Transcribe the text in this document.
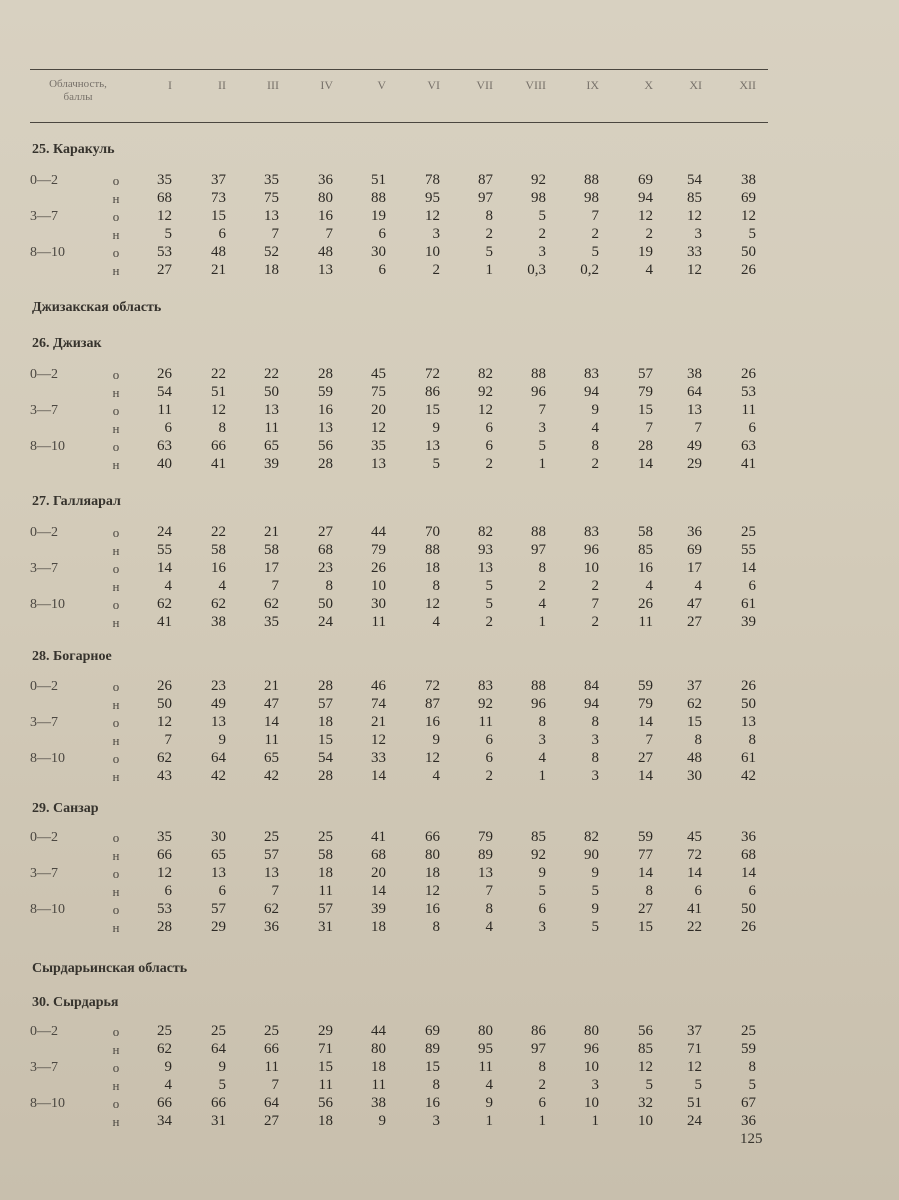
Облачность,
баллы
I	II	III	IV	V	VI	VII	VIII	IX	X	XI	XII
25. Каракуль
0—2	о	35	37	35	36	51	78	87	92	88	69	54	38
н	68	73	75	80	88	95	97	98	98	94	85	69
3—7	о	12	15	13	16	19	12	8	5	7	12	12	12
н	5	6	7	7	6	3	2	2	2	2	3	5
8—10	о	53	48	52	48	30	10	5	3	5	19	33	50
н	27	21	18	13	6	2	1	0,3	0,2	4	12	26
Джизакская область
26. Джизак
0—2	о	26	22	22	28	45	72	82	88	83	57	38	26
н	54	51	50	59	75	86	92	96	94	79	64	53
3—7	о	11	12	13	16	20	15	12	7	9	15	13	11
н	6	8	11	13	12	9	6	3	4	7	7	6
8—10	о	63	66	65	56	35	13	6	5	8	28	49	63
н	40	41	39	28	13	5	2	1	2	14	29	41
27. Галляарал
0—2	о	24	22	21	27	44	70	82	88	83	58	36	25
н	55	58	58	68	79	88	93	97	96	85	69	55
3—7	о	14	16	17	23	26	18	13	8	10	16	17	14
н	4	4	7	8	10	8	5	2	2	4	4	6
8—10	о	62	62	62	50	30	12	5	4	7	26	47	61
н	41	38	35	24	11	4	2	1	2	11	27	39
28. Богарное
0—2	о	26	23	21	28	46	72	83	88	84	59	37	26
н	50	49	47	57	74	87	92	96	94	79	62	50
3—7	о	12	13	14	18	21	16	11	8	8	14	15	13
н	7	9	11	15	12	9	6	3	3	7	8	8
8—10	о	62	64	65	54	33	12	6	4	8	27	48	61
н	43	42	42	28	14	4	2	1	3	14	30	42
29. Санзар
0—2	о	35	30	25	25	41	66	79	85	82	59	45	36
н	66	65	57	58	68	80	89	92	90	77	72	68
3—7	о	12	13	13	18	20	18	13	9	9	14	14	14
н	6	6	7	11	14	12	7	5	5	8	6	6
8—10	о	53	57	62	57	39	16	8	6	9	27	41	50
н	28	29	36	31	18	8	4	3	5	15	22	26
Сырдарьинская область
30. Сырдарья
0—2	о	25	25	25	29	44	69	80	86	80	56	37	25
н	62	64	66	71	80	89	95	97	96	85	71	59
3—7	о	9	9	11	15	18	15	11	8	10	12	12	8
н	4	5	7	11	11	8	4	2	3	5	5	5
8—10	о	66	66	64	56	38	16	9	6	10	32	51	67
н	34	31	27	18	9	3	1	1	1	10	24	36
125
